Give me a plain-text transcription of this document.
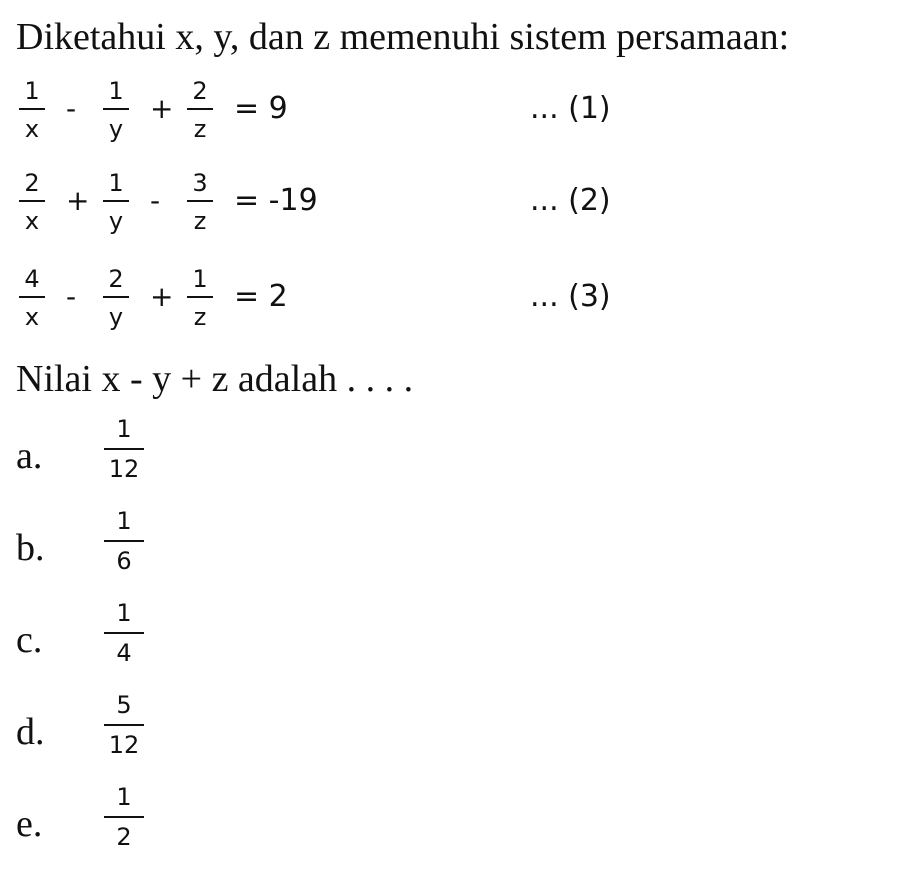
Diketahui x, y, dan z memenuhi sistem persamaan:
1
x
-
1
y
+
2
z
= 9	... (1)
2
x
+
1
y
-
3
z
= -19	... (2)
4
x
-
2
y
+
1
z
= 2	... (3)
Nilai x - y + z adalah . . . .
a.
1
12
b.
1
6
c.
1
4
d.
5
12
e.
1
2
